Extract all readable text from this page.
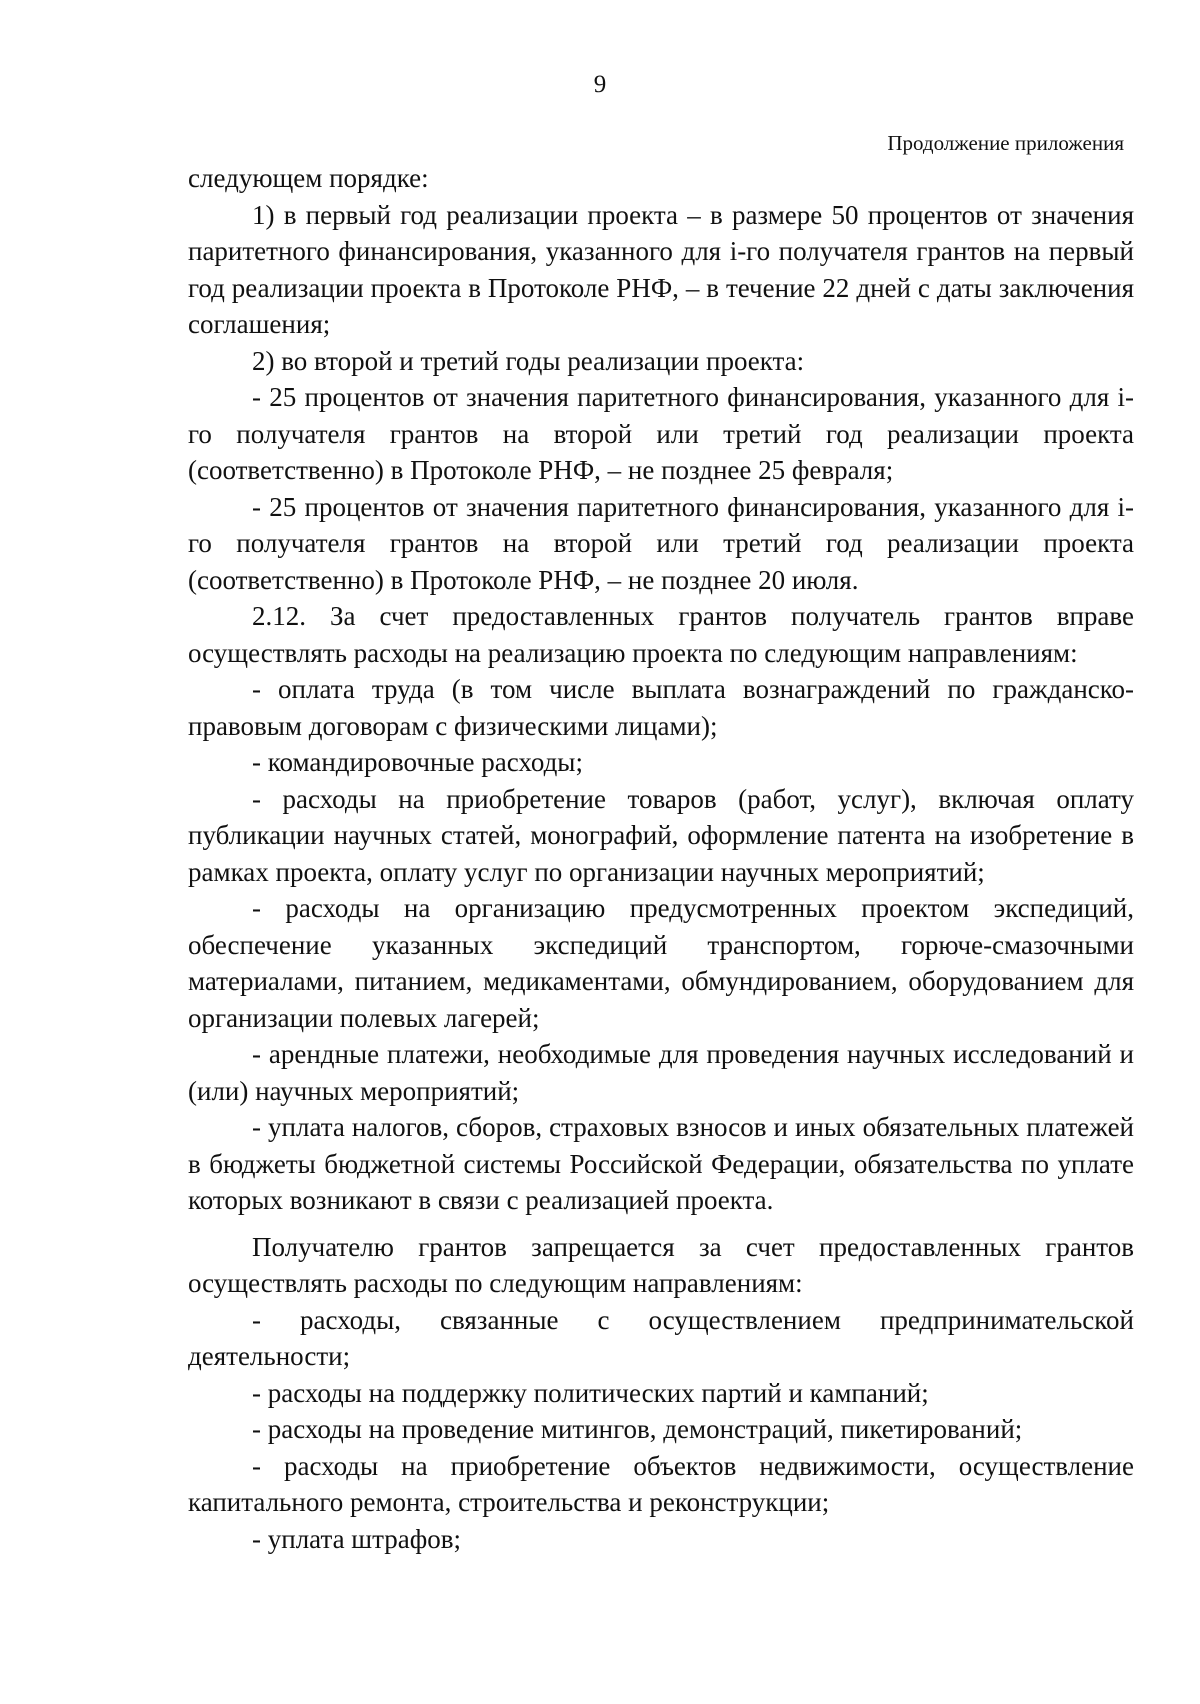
9
Продолжение приложения

следующем порядке:

1) в первый год реализации проекта – в размере 50 процентов от значения паритетного финансирования, указанного для i-го получателя грантов на первый год реализации проекта в Протоколе РНФ, – в течение 22 дней с даты заключения соглашения;

2) во второй и третий годы реализации проекта:

- 25 процентов от значения паритетного финансирования, указанного для i-го получателя грантов на второй или третий год реализации проекта (соответственно) в Протоколе РНФ, – не позднее 25 февраля;

- 25 процентов от значения паритетного финансирования, указанного для i-го получателя грантов на второй или третий год реализации проекта (соответственно) в Протоколе РНФ, – не позднее 20 июля.

2.12. За счет предоставленных грантов получатель грантов вправе осуществлять расходы на реализацию проекта по следующим направлениям:

- оплата труда (в том числе выплата вознаграждений по гражданско-правовым договорам с физическими лицами);

- командировочные расходы;

- расходы на приобретение товаров (работ, услуг), включая оплату публикации научных статей, монографий, оформление патента на изобретение в рамках проекта, оплату услуг по организации научных мероприятий;

- расходы на организацию предусмотренных проектом экспедиций, обеспечение указанных экспедиций транспортом, горюче-смазочными материалами, питанием, медикаментами, обмундированием, оборудованием для организации полевых лагерей;

- арендные платежи, необходимые для проведения научных исследований и (или) научных мероприятий;

- уплата налогов, сборов, страховых взносов и иных обязательных платежей в бюджеты бюджетной системы Российской Федерации, обязательства по уплате которых возникают в связи с реализацией проекта.

Получателю грантов запрещается за счет предоставленных грантов осуществлять расходы по следующим направлениям:

- расходы, связанные с осуществлением предпринимательской деятельности;

- расходы на поддержку политических партий и кампаний;

- расходы на проведение митингов, демонстраций, пикетирований;

- расходы на приобретение объектов недвижимости, осуществление капитального ремонта, строительства и реконструкции;

- уплата штрафов;
